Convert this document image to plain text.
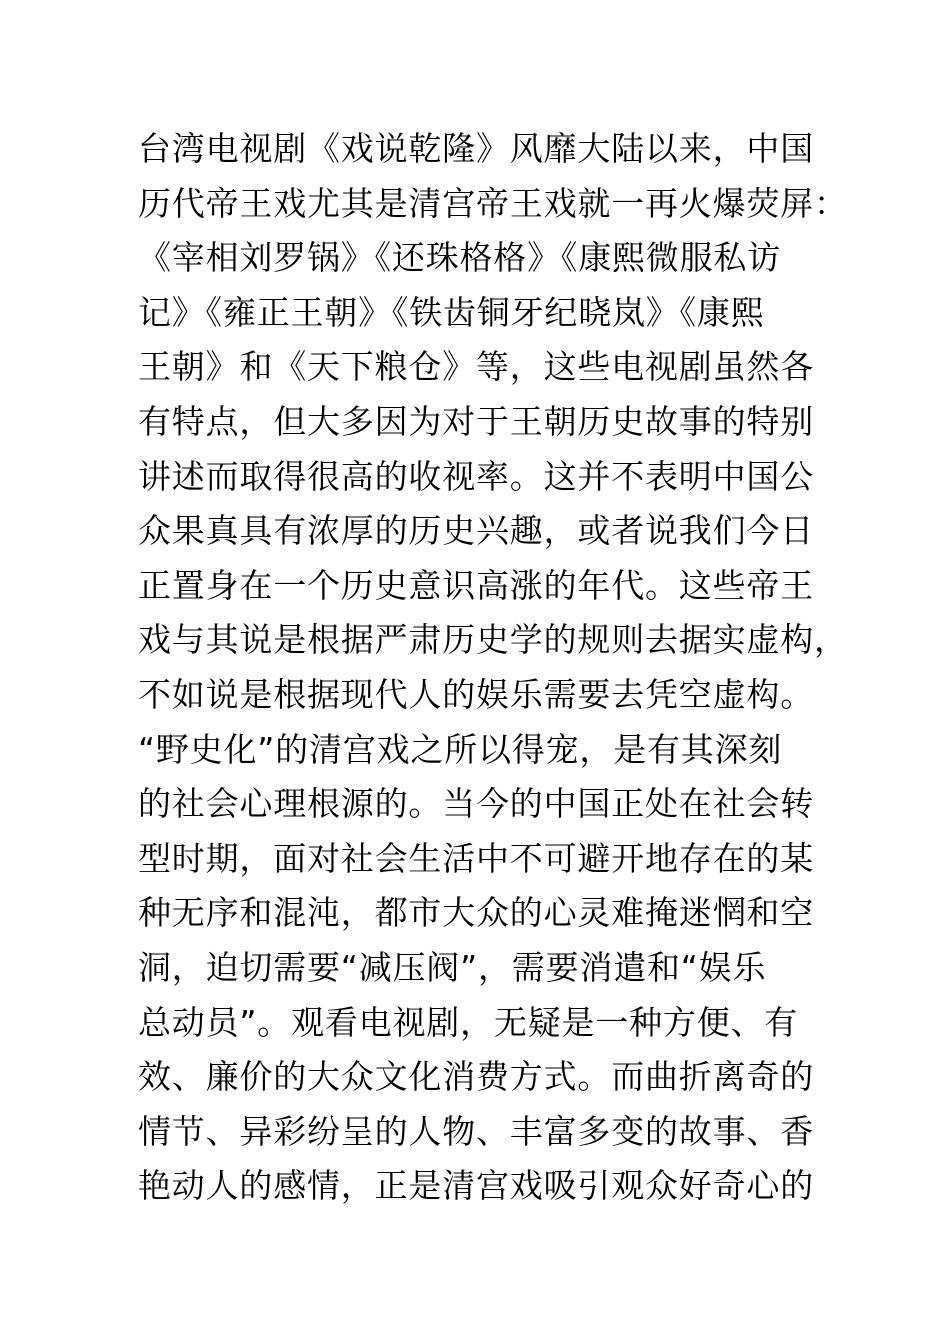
台湾电视剧《戏说乾隆》风靡大陆以来，中国
历代帝王戏尤其是清宫帝王戏就一再火爆荧屏：
《宰相刘罗锅》《还珠格格》《康熙微服私访
记》《雍正王朝》《铁齿铜牙纪晓岚》《康熙
王朝》和《天下粮仓》等，这些电视剧虽然各
有特点，但大多因为对于王朝历史故事的特别
讲述而取得很高的收视率。这并不表明中国公
众果真具有浓厚的历史兴趣，或者说我们今日
正置身在一个历史意识高涨的年代。这些帝王
戏与其说是根据严肃历史学的规则去据实虚构，
不如说是根据现代人的娱乐需要去凭空虚构。
“野史化”的清宫戏之所以得宠，是有其深刻
的社会心理根源的。当今的中国正处在社会转
型时期，面对社会生活中不可避开地存在的某
种无序和混沌，都市大众的心灵难掩迷惘和空
洞，迫切需要“减压阀”，需要消遣和“娱乐
总动员”。观看电视剧，无疑是一种方便、有
效、廉价的大众文化消费方式。而曲折离奇的
情节、异彩纷呈的人物、丰富多变的故事、香
艳动人的感情，正是清宫戏吸引观众好奇心的
